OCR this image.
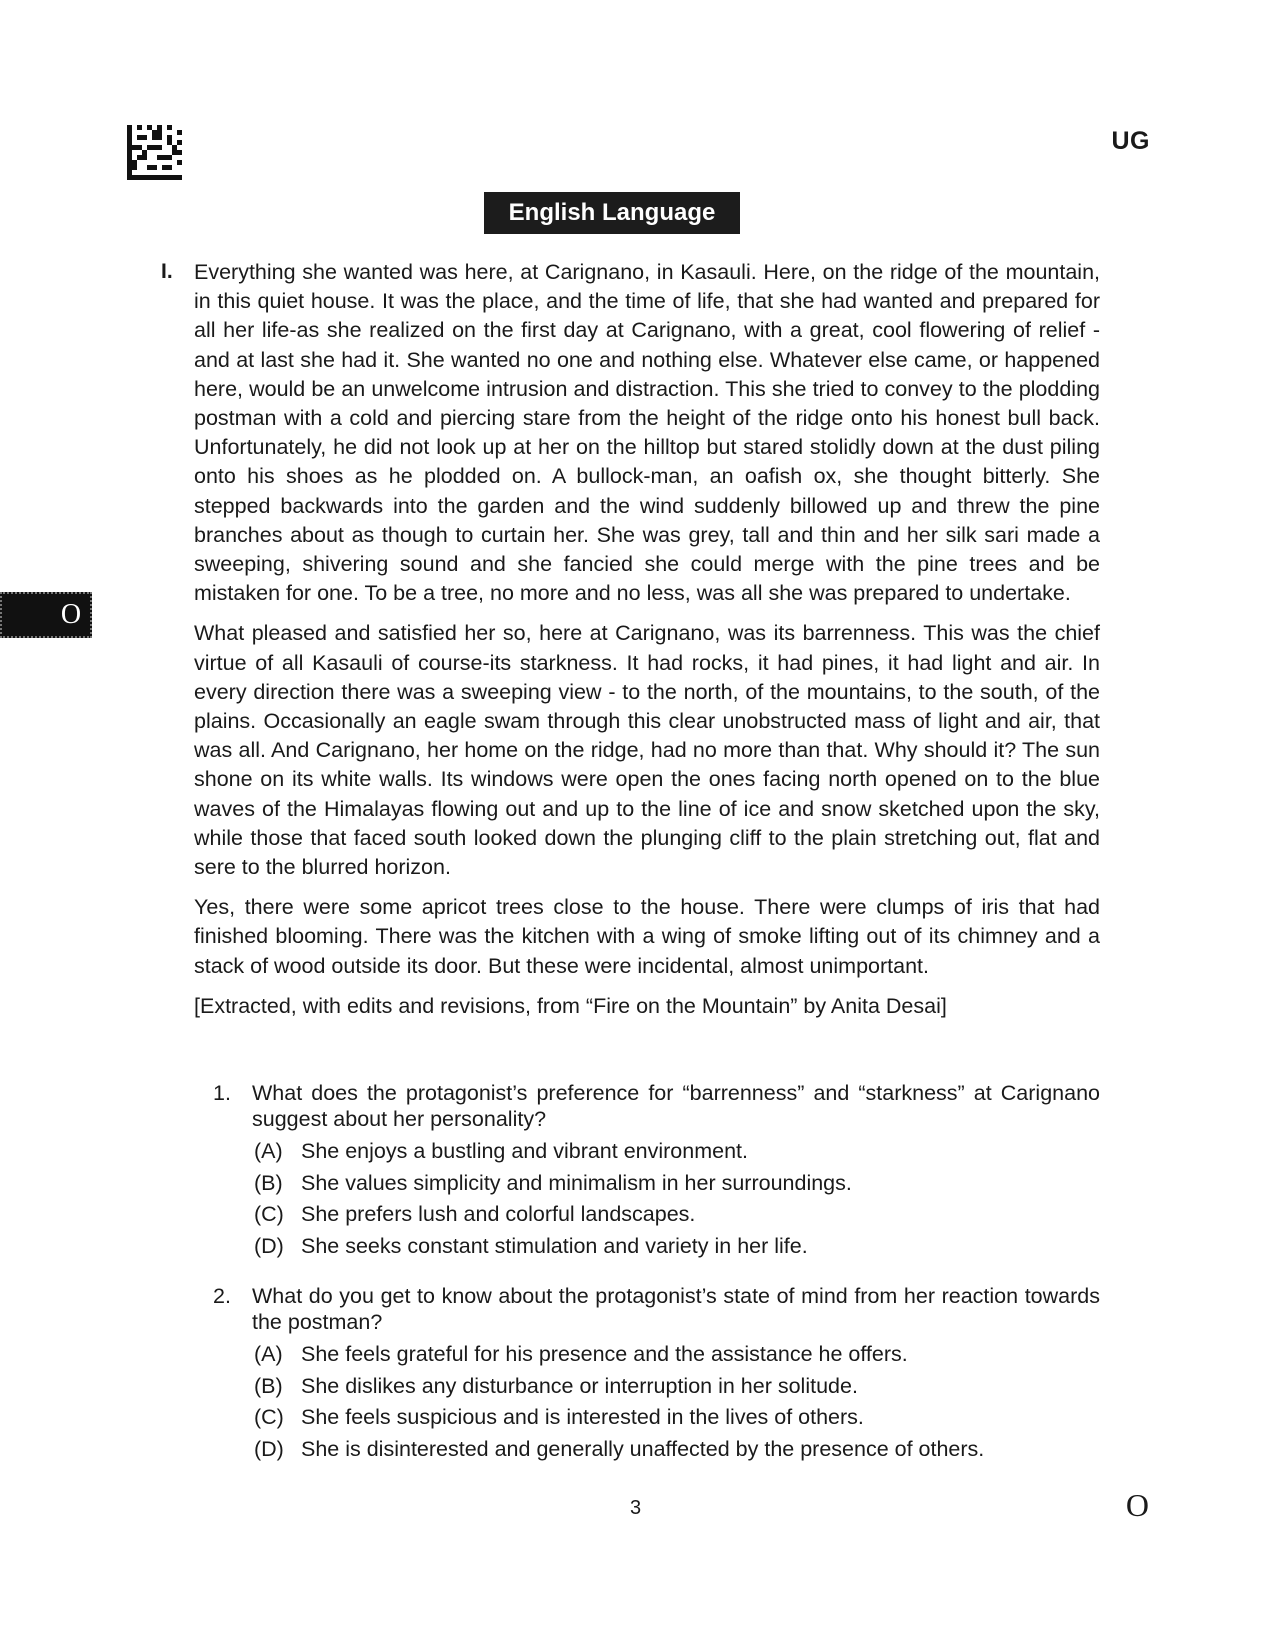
UG
English Language
O
I. Everything she wanted was here, at Carignano, in Kasauli. Here, on the ridge of the mountain, in this quiet house. It was the place, and the time of life, that she had wanted and prepared for all her life-as she realized on the first day at Carignano, with a great, cool flowering of relief - and at last she had it. She wanted no one and nothing else. Whatever else came, or happened here, would be an unwelcome intrusion and distraction. This she tried to convey to the plodding postman with a cold and piercing stare from the height of the ridge onto his honest bull back. Unfortunately, he did not look up at her on the hilltop but stared stolidly down at the dust piling onto his shoes as he plodded on. A bullock-man, an oafish ox, she thought bitterly. She stepped backwards into the garden and the wind suddenly billowed up and threw the pine branches about as though to curtain her. She was grey, tall and thin and her silk sari made a sweeping, shivering sound and she fancied she could merge with the pine trees and be mistaken for one. To be a tree, no more and no less, was all she was prepared to undertake.

What pleased and satisfied her so, here at Carignano, was its barrenness. This was the chief virtue of all Kasauli of course-its starkness. It had rocks, it had pines, it had light and air. In every direction there was a sweeping view - to the north, of the mountains, to the south, of the plains. Occasionally an eagle swam through this clear unobstructed mass of light and air, that was all. And Carignano, her home on the ridge, had no more than that. Why should it? The sun shone on its white walls. Its windows were open the ones facing north opened on to the blue waves of the Himalayas flowing out and up to the line of ice and snow sketched upon the sky, while those that faced south looked down the plunging cliff to the plain stretching out, flat and sere to the blurred horizon.

Yes, there were some apricot trees close to the house. There were clumps of iris that had finished blooming. There was the kitchen with a wing of smoke lifting out of its chimney and a stack of wood outside its door. But these were incidental, almost unimportant.

[Extracted, with edits and revisions, from “Fire on the Mountain” by Anita Desai]

1. What does the protagonist’s preference for “barrenness” and “starkness” at Carignano suggest about her personality?
(A) She enjoys a bustling and vibrant environment.
(B) She values simplicity and minimalism in her surroundings.
(C) She prefers lush and colorful landscapes.
(D) She seeks constant stimulation and variety in her life.
2. What do you get to know about the protagonist’s state of mind from her reaction towards the postman?
(A) She feels grateful for his presence and the assistance he offers.
(B) She dislikes any disturbance or interruption in her solitude.
(C) She feels suspicious and is interested in the lives of others.
(D) She is disinterested and generally unaffected by the presence of others.
3	O
